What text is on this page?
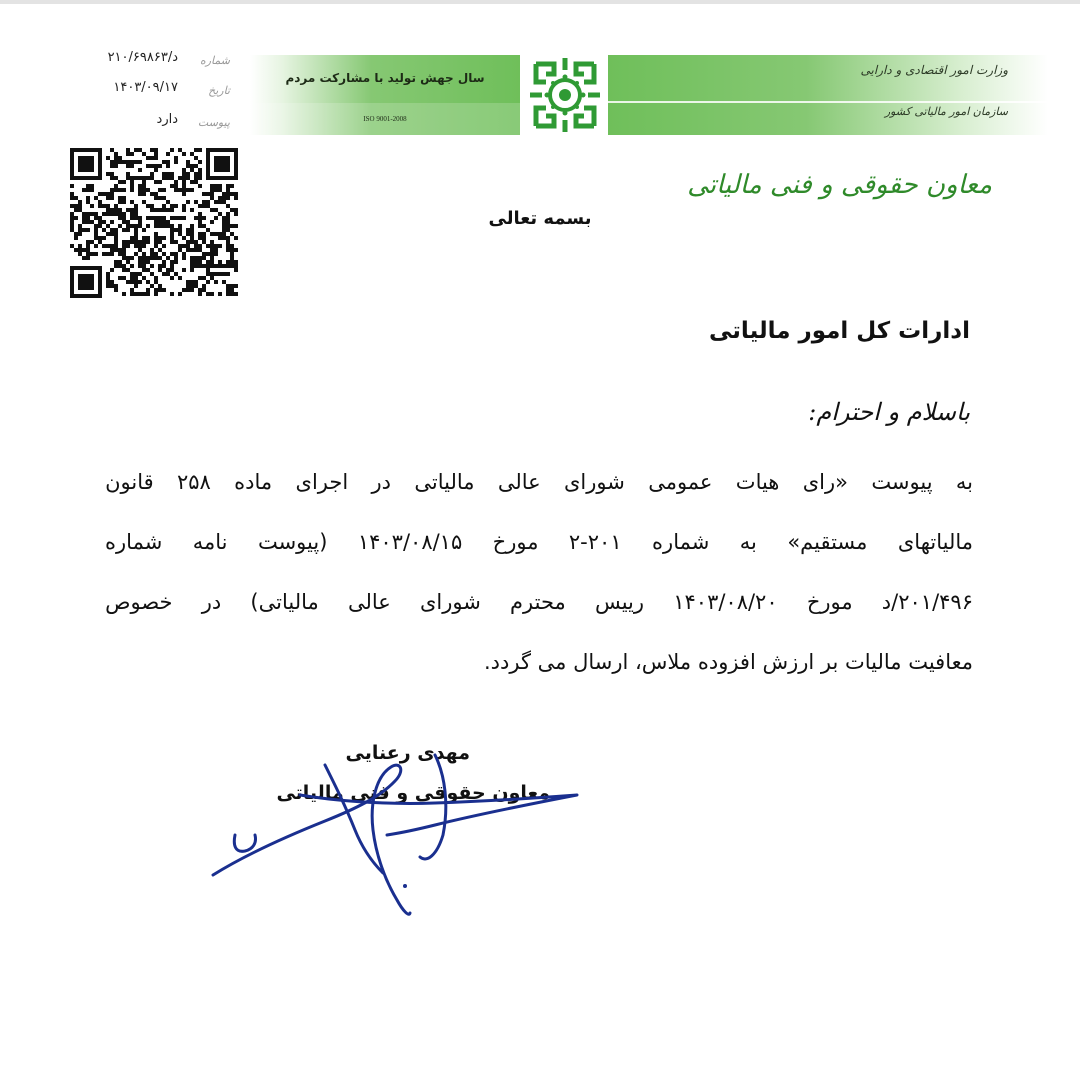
سال جهش تولید با مشارکت مردم
ISO 9001-2008
وزارت امور اقتصادی و دارایی
سازمان امور مالیاتی کشور
۲۱۰/۶۹۸۶۳/د شماره
۱۴۰۳/۰۹/۱۷	تاریخ
دارد پیوست
معاون حقوقی و فنی مالیاتی
بسمه تعالی
ادارات کل امور مالیاتی
باسلام و احترام:
به
پیوست
«رای
هیات
عمومی
شورای
عالی
مالیاتی
در
اجرای
ماده
۲۵۸
قانون
مالیاتهای
مستقیم»
به
شماره
۲-۲۰۱
مورخ
۱۴۰۳/۰۸/۱۵
(پیوست
نامه
شماره
۲۰۱/۴۹۶/د
مورخ
۱۴۰۳/۰۸/۲۰
رییس
محترم
شورای
عالی
مالیاتی)
در
خصوص
معافیت مالیات بر ارزش افزوده ملاس، ارسال می گردد.
مهدی رعنایی
معاون حقوقی و فنی مالیاتی
